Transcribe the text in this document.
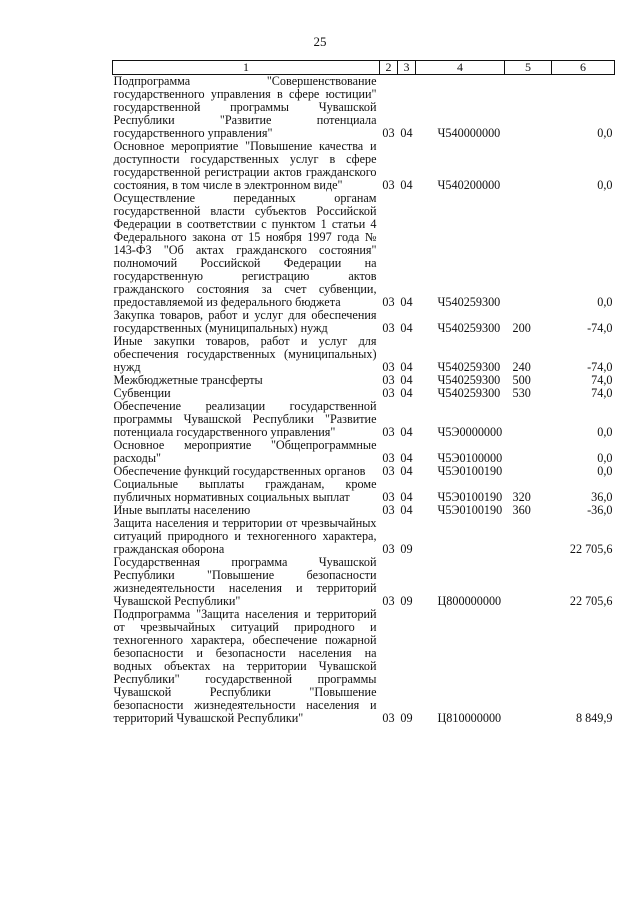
25
1	2	3	4	5	6
Подпрограмма "Совершенствование государственного управления в сфере юстиции" государственной программы Чувашской Республики "Развитие потенциала государственного управления"	03	04	Ч540000000		0,0
Основное мероприятие "Повышение качества и доступности государственных услуг в сфере государственной регистрации актов гражданского состояния, в том числе в электронном виде"	03	04	Ч540200000		0,0
Осуществление переданных органам государственной власти субъектов Российской Федерации в соответствии с пунктом 1 статьи 4 Федерального закона от 15 ноября 1997 года № 143-ФЗ "Об актах гражданского состояния" полномочий Российской Федерации на государственную регистрацию актов гражданского состояния за счет субвенции, предоставляемой из федерального бюджета	03	04	Ч540259300		0,0
Закупка товаров, работ и услуг для обеспечения государственных (муниципальных) нужд	03	04	Ч540259300	200	-74,0
Иные закупки товаров, работ и услуг для обеспечения государственных (муниципальных) нужд	03	04	Ч540259300	240	-74,0
Межбюджетные трансферты	03	04	Ч540259300	500	74,0
Субвенции	03	04	Ч540259300	530	74,0
Обеспечение реализации государственной программы Чувашской Республики "Развитие потенциала государственного управления"	03	04	Ч5Э0000000		0,0
Основное мероприятие "Общепрограммные расходы"	03	04	Ч5Э0100000		0,0
Обеспечение функций государственных органов	03	04	Ч5Э0100190		0,0
Социальные выплаты гражданам, кроме публичных нормативных социальных выплат	03	04	Ч5Э0100190	320	36,0
Иные выплаты населению	03	04	Ч5Э0100190	360	-36,0
Защита населения и территории от чрезвычайных ситуаций природного и техногенного характера, гражданская оборона	03	09			22 705,6
Государственная программа Чувашской Республики "Повышение безопасности жизнедеятельности населения и территорий Чувашской Республики"	03	09	Ц800000000		22 705,6
Подпрограмма "Защита населения и территорий от чрезвычайных ситуаций природного и техногенного характера, обеспечение пожарной безопасности и безопасности населения на водных объектах на территории Чувашской Республики" государственной программы Чувашской Республики "Повышение безопасности жизнедеятельности населения и территорий Чувашской Республики"	03	09	Ц810000000		8 849,9
